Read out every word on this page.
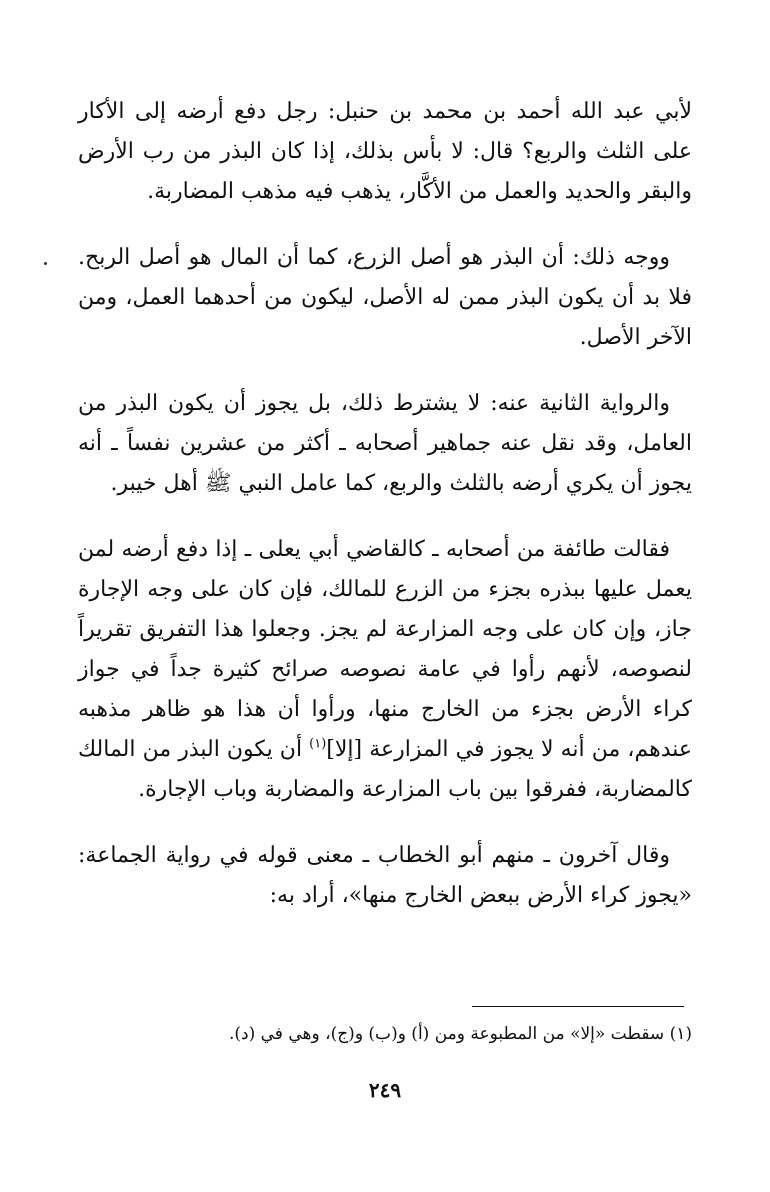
لأبي عبد الله أحمد بن محمد بن حنبل: رجل دفع أرضه إلى الأكار على الثلث والربع؟ قال: لا بأس بذلك، إذا كان البذر من رب الأرض والبقر والحديد والعمل من الأكَّار، يذهب فيه مذهب المضاربة.

ووجه ذلك: أن البذر هو أصل الزرع، كما أن المال هو أصل الربح. فلا بد أن يكون البذر ممن له الأصل، ليكون من أحدهما العمل، ومن الآخر الأصل.

والرواية الثانية عنه: لا يشترط ذلك، بل يجوز أن يكون البذر من العامل، وقد نقل عنه جماهير أصحابه ـ أكثر من عشرين نفساً ـ أنه يجوز أن يكري أرضه بالثلث والربع، كما عامل النبي ﷺ أهل خيبر.

فقالت طائفة من أصحابه ـ كالقاضي أبي يعلى ـ إذا دفع أرضه لمن يعمل عليها ببذره بجزء من الزرع للمالك، فإن كان على وجه الإجارة جاز، وإن كان على وجه المزارعة لم يجز. وجعلوا هذا التفريق تقريراً لنصوصه، لأنهم رأوا في عامة نصوصه صرائح كثيرة جداً في جواز كراء الأرض بجزء من الخارج منها، ورأوا أن هذا هو ظاهر مذهبه عندهم، من أنه لا يجوز في المزارعة [إلا]$^{(١)}$ أن يكون البذر من المالك كالمضاربة، ففرقوا بين باب المزارعة والمضاربة وباب الإجارة.

وقال آخرون ـ منهم أبو الخطاب ـ معنى قوله في رواية الجماعة: «يجوز كراء الأرض ببعض الخارج منها»، أراد به:

(١) سقطت «إلا» من المطبوعة ومن (أ) و(ب) و(ج)، وهي في (د).
٢٤٩
